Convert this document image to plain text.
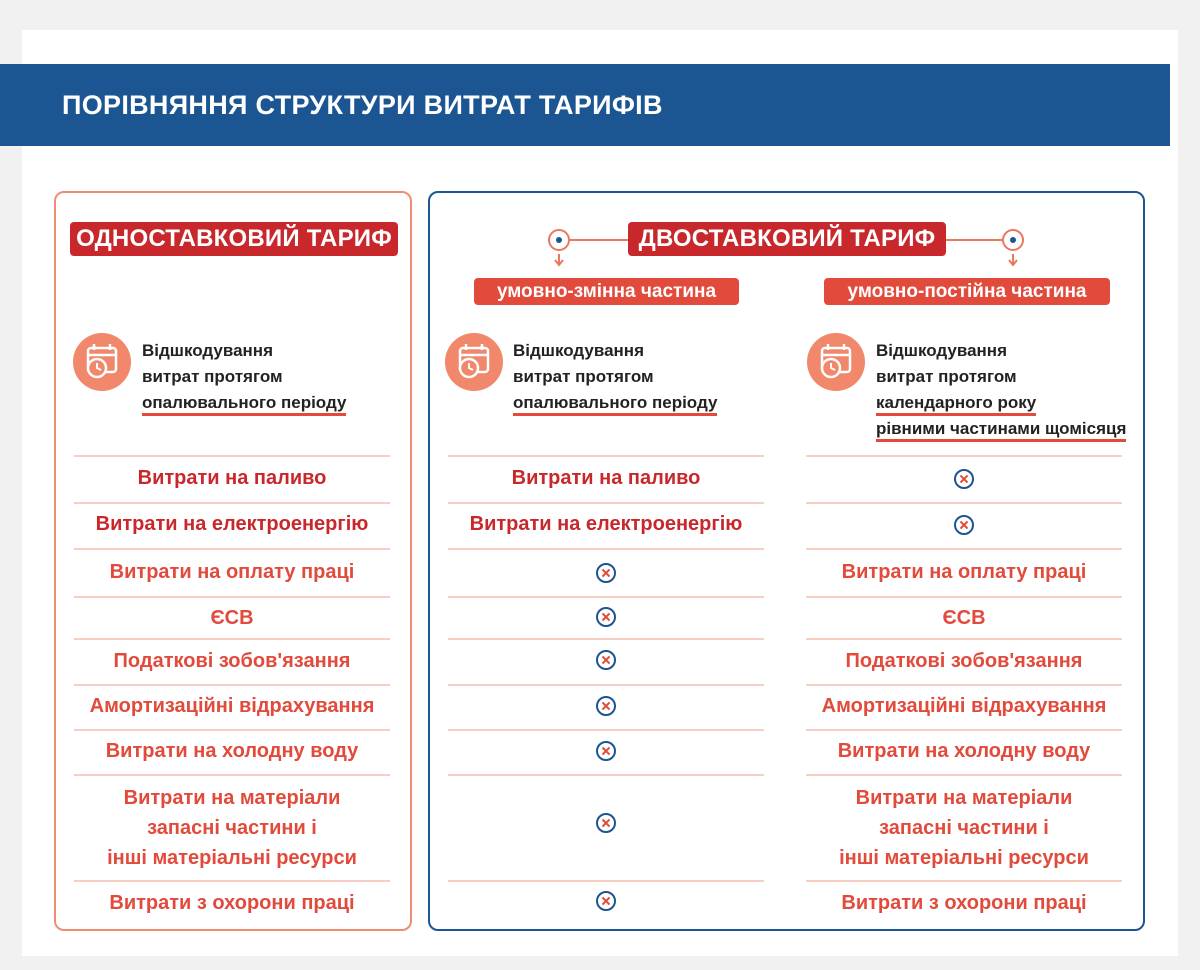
ПОРІВНЯННЯ СТРУКТУРИ ВИТРАТ ТАРИФІВ
ОДНОСТАВКОВИЙ ТАРИФ
Відшкодування
витрат протягом
опалювального періоду
Витрати на паливо
Витрати на електроенергію
Витрати на оплату праці
ЄСВ
Податкові зобов'язання
Амортизаційні відрахування
Витрати на холодну воду
Витрати на матеріали
запасні частини і
інші матеріальні ресурси
Витрати з охорони праці
ДВОСТАВКОВИЙ ТАРИФ
умовно-змінна частина	умовно-постійна частина
Відшкодування
витрат протягом
опалювального періоду
Відшкодування
витрат протягом
календарного року
рівними частинами щомісяця
Витрати на паливо
Витрати на електроенергію
Витрати на оплату праці
ЄСВ
Податкові зобов'язання
Амортизаційні відрахування
Витрати на холодну воду
Витрати на матеріали
запасні частини і
інші матеріальні ресурси
Витрати з охорони праці
